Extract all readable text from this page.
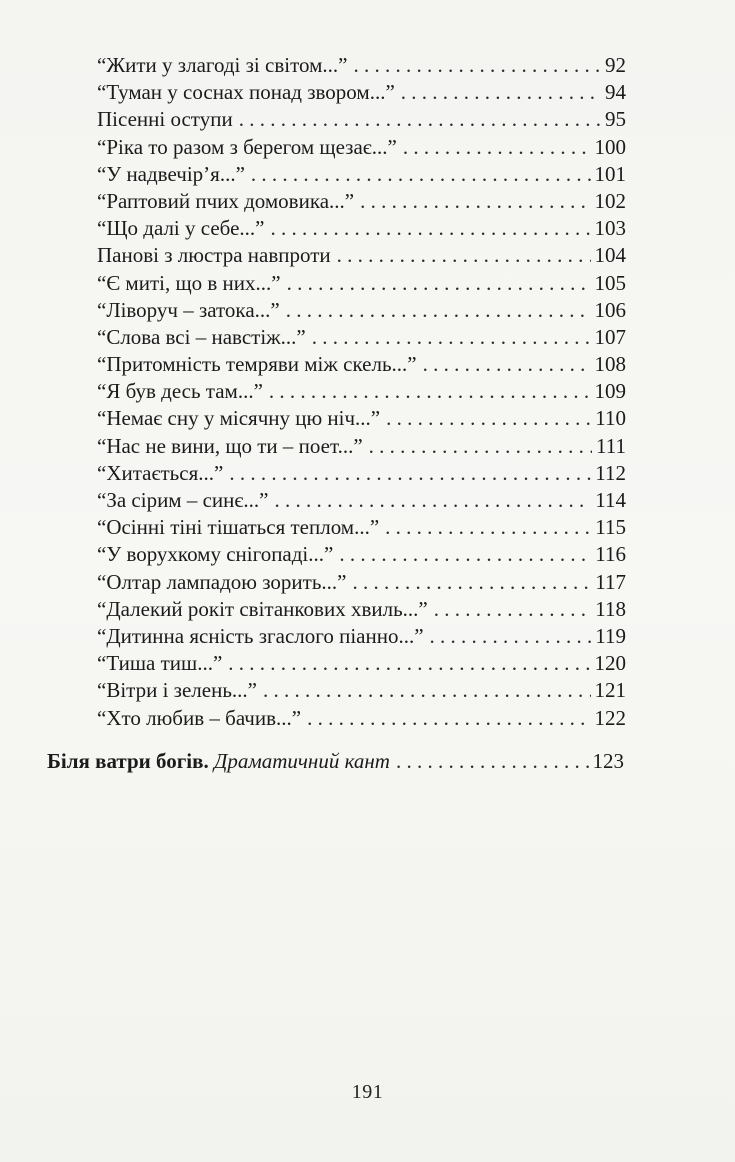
“Жити у злагоді зі світом...” . . .	92
“Туман у соснах понад звором...” . . .	94
Пісенні оступи . . .	95
“Ріка то разом з берегом щезає...” . . .	100
“У надвечір’я...” . . .	101
“Раптовий пчих домовика...” . . .	102
“Що далі у себе...” . . .	103
Панові з люстра навпроти . . .	104
“Є миті, що в них...” . . .	105
“Ліворуч – затока...” . . .	106
“Слова всі – навстіж...” . . .	107
“Притомність темряви між скель...” . . .	108
“Я був десь там...” . . .	109
“Немає сну у місячну цю ніч...” . . .	110
“Нас не вини, що ти – поет...” . . .	111
“Хитається...” . . .	112
“За сірим – синє...” . . .	114
“Осінні тіні тішаться теплом...” . . .	115
“У ворухкому снігопаді...” . . .	116
“Олтар лампадою зорить...” . . .	117
“Далекий рокіт світанкових хвиль...” . . .	118
“Дитинна ясність згаслого піанно...” . . .	119
“Тиша тиш...” . . .	120
“Вітри і зелень...” . . .	121
“Хто любив – бачив...” . . .	122
Біля ватри богів. Драматичний кант . . .	123
191
